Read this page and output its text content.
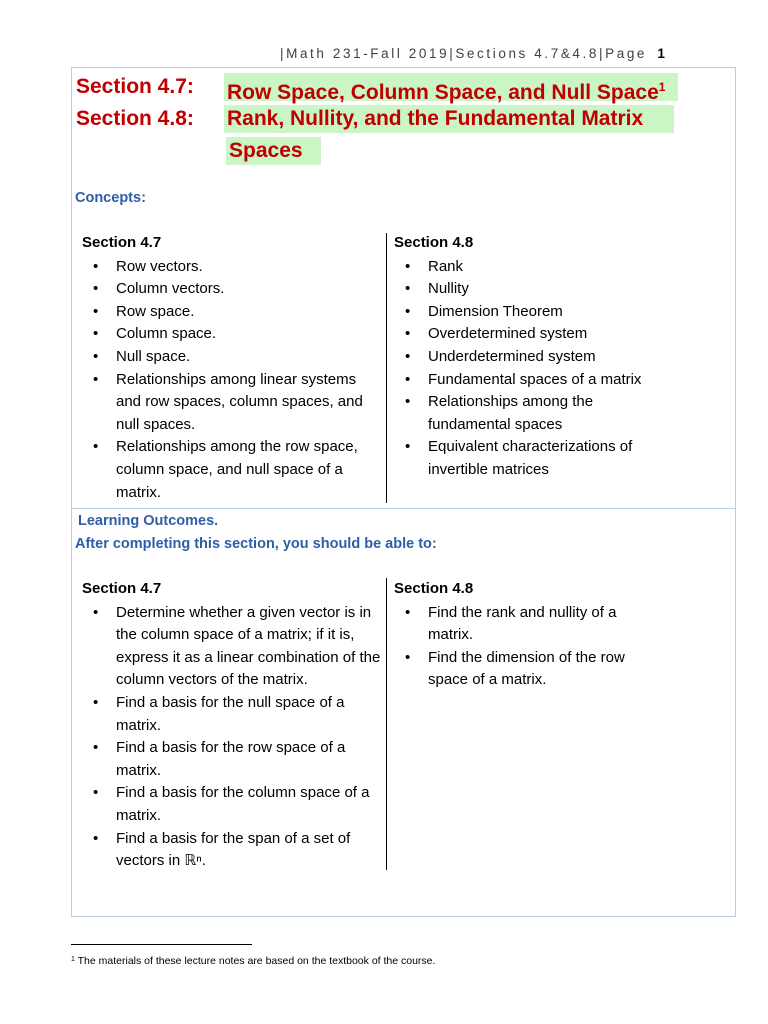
|Math 231-Fall 2019|Sections 4.7&4.8|Page 1
Section 4.7: Row Space, Column Space, and Null Space$^1$
Section 4.8: Rank, Nullity, and the Fundamental Matrix
Spaces
Concepts:
Section 4.7
• Row vectors.
• Column vectors.
• Row space.
• Column space.
• Null space.
• Relationships among linear systems and row spaces, column spaces, and null spaces.
• Relationships among the row space, column space, and null space of a matrix.
Section 4.8
• Rank
• Nullity
• Dimension Theorem
• Overdetermined system
• Underdetermined system
• Fundamental spaces of a matrix
• Relationships among the fundamental spaces
• Equivalent characterizations of invertible matrices
Learning Outcomes.
After completing this section, you should be able to:
Section 4.7
• Determine whether a given vector is in the column space of a matrix; if it is, express it as a linear combination of the column vectors of the matrix.
• Find a basis for the null space of a matrix.
• Find a basis for the row space of a matrix.
• Find a basis for the column space of a matrix.
• Find a basis for the span of a set of vectors in ℝⁿ.
Section 4.8
• Find the rank and nullity of a matrix.
• Find the dimension of the row space of a matrix.
$^1$ The materials of these lecture notes are based on the textbook of the course.
